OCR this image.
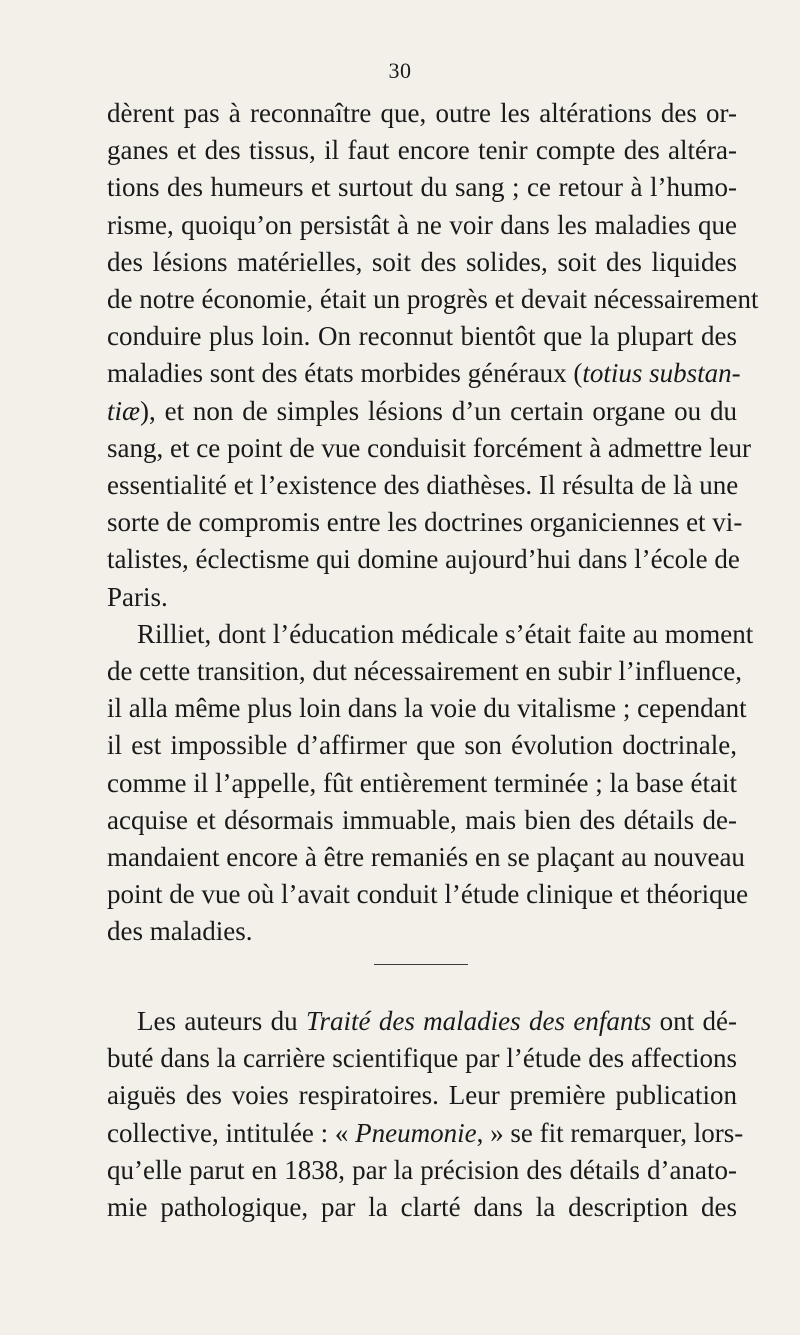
30
dèrent pas à reconnaître que, outre les altérations des or-
ganes et des tissus, il faut encore tenir compte des altéra-
tions des humeurs et surtout du sang ; ce retour à l’humo-
risme, quoiqu’on persistât à ne voir dans les maladies que
des lésions matérielles, soit des solides, soit des liquides
de notre économie, était un progrès et devait nécessairement
conduire plus loin. On reconnut bientôt que la plupart des
maladies sont des états morbides généraux (totius substan-
tiæ), et non de simples lésions d’un certain organe ou du
sang, et ce point de vue conduisit forcément à admettre leur
essentialité et l’existence des diathèses. Il résulta de là une
sorte de compromis entre les doctrines organiciennes et vi-
talistes, éclectisme qui domine aujourd’hui dans l’école de
Paris.
Rilliet, dont l’éducation médicale s’était faite au moment
de cette transition, dut nécessairement en subir l’influence,
il alla même plus loin dans la voie du vitalisme ; cependant
il est impossible d’affirmer que son évolution doctrinale,
comme il l’appelle, fût entièrement terminée ; la base était
acquise et désormais immuable, mais bien des détails de-
mandaient encore à être remaniés en se plaçant au nouveau
point de vue où l’avait conduit l’étude clinique et théorique
des maladies.
Les auteurs du Traité des maladies des enfants ont dé-
buté dans la carrière scientifique par l’étude des affections
aiguës des voies respiratoires. Leur première publication
collective, intitulée : « Pneumonie, » se fit remarquer, lors-
qu’elle parut en 1838, par la précision des détails d’anato-
mie pathologique, par la clarté dans la description des
